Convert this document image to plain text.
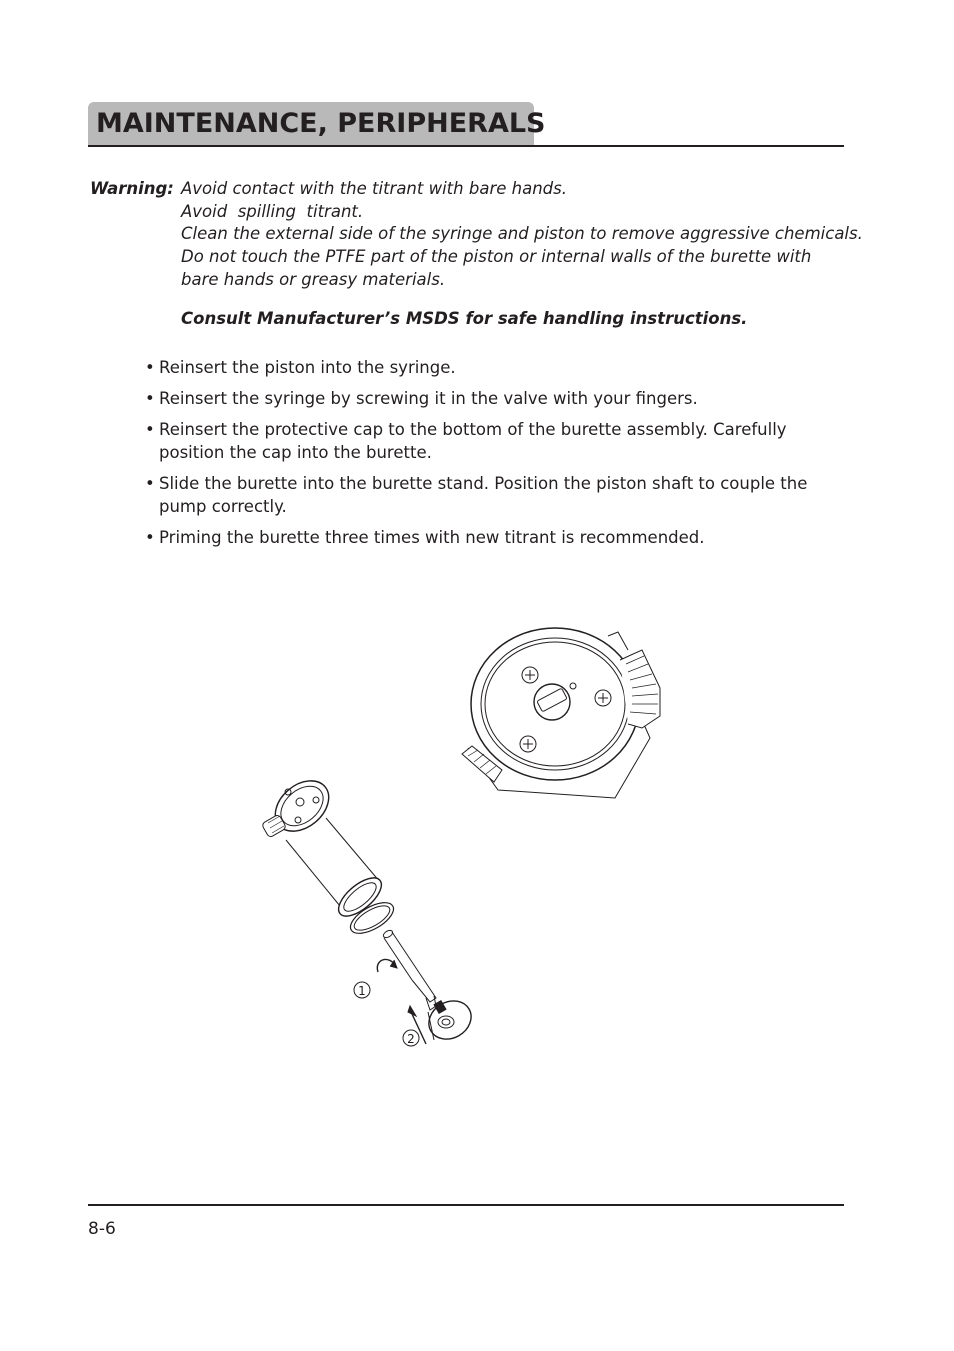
MAINTENANCE, PERIPHERALS
Warning: Avoid contact with the titrant with bare hands.
Avoid  spilling  titrant.
Clean the external side of the syringe and piston to remove aggressive chemicals.
Do not touch the PTFE part of the piston or internal walls of the burette with bare hands or greasy materials.
Consult Manufacturer’s MSDS for safe handling instructions.
• Reinsert the piston into the syringe.
• Reinsert the syringe by screwing it in the valve with your fingers.
• Reinsert the protective cap to the bottom of the burette assembly. Carefully position the cap into the burette.
• Slide the burette into the burette stand. Position the piston shaft to couple the pump correctly.
• Priming the burette three times with new titrant is recommended.
1
2
8-6
